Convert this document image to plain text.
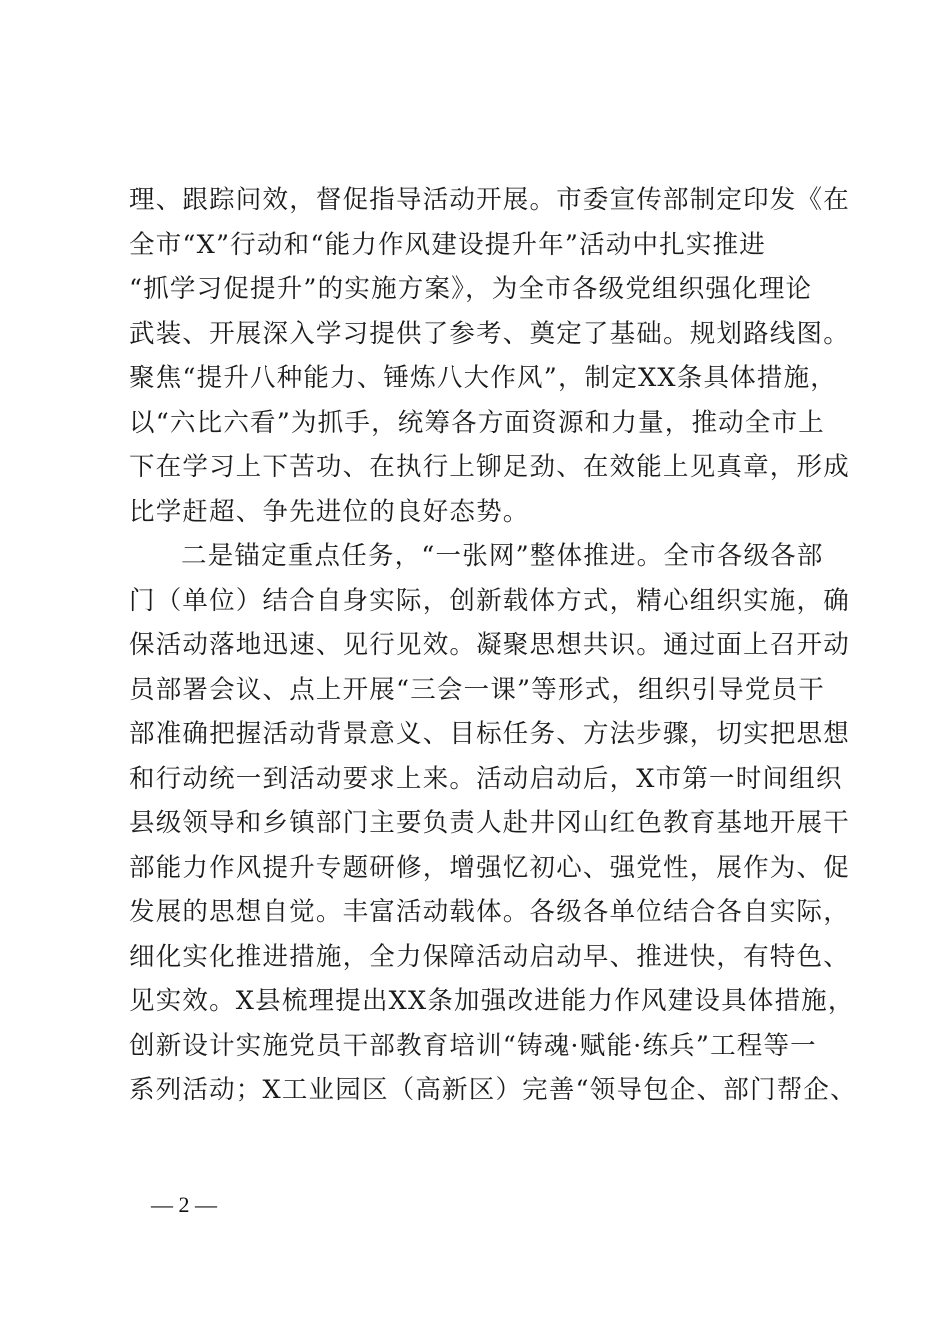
理、跟踪问效，督促指导活动开展。市委宣传部制定印发《在
全市“X”行动和“能力作风建设提升年”活动中扎实推进
“抓学习促提升”的实施方案》，为全市各级党组织强化理论
武装、开展深入学习提供了参考、奠定了基础。规划路线图。
聚焦“提升八种能力、锤炼八大作风”，制定XX条具体措施，
以“六比六看”为抓手，统筹各方面资源和力量，推动全市上
下在学习上下苦功、在执行上铆足劲、在效能上见真章，形成
比学赶超、争先进位的良好态势。
二是锚定重点任务，“一张网”整体推进。全市各级各部
门（单位）结合自身实际，创新载体方式，精心组织实施，确
保活动落地迅速、见行见效。凝聚思想共识。通过面上召开动
员部署会议、点上开展“三会一课”等形式，组织引导党员干
部准确把握活动背景意义、目标任务、方法步骤，切实把思想
和行动统一到活动要求上来。活动启动后，X市第一时间组织
县级领导和乡镇部门主要负责人赴井冈山红色教育基地开展干
部能力作风提升专题研修，增强忆初心、强党性，展作为、促
发展的思想自觉。丰富活动载体。各级各单位结合各自实际，
细化实化推进措施，全力保障活动启动早、推进快，有特色、
见实效。X县梳理提出XX条加强改进能力作风建设具体措施，
创新设计实施党员干部教育培训“铸魂·赋能·练兵”工程等一
系列活动；X工业园区（高新区）完善“领导包企、部门帮企、
— 2 —
